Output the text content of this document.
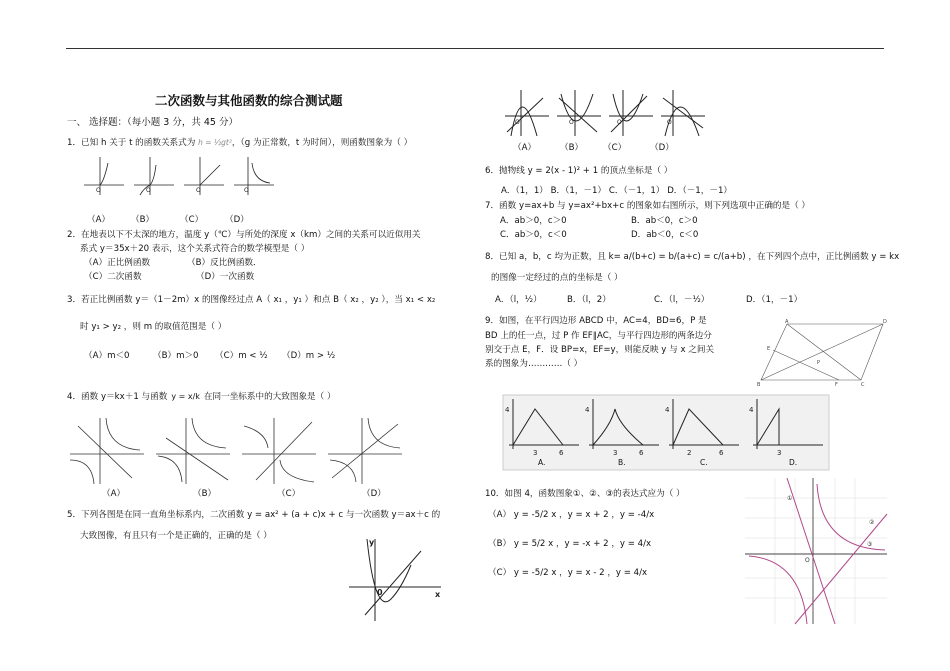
二次函数与其他函数的综合测试题
一、 选择题：（每小题 3 分，共 45 分）
1．已知 h 关于 t 的函数关系式为 h = ½gt²，（g 为正常数，t 为时间），则函数图象为（ ）
O	O	O	O
（A） （B）	（C）	（D）
2．在地表以下不太深的地方，温度 y（℃）与所处的深度 x（km）之间的关系可以近似用关
系式 y＝35x＋20 表示，这个关系式符合的数学模型是（ ）
（A）正比例函数	（B）反比例函数．
（C）二次函数	（D）一次函数
3．若正比例函数 y＝（1－2m）x 的图像经过点 A（ x₁ ，y₁ ）和点 B（ x₂ ，y₂ ），当 x₁ < x₂
时 y₁ > y₂ ，则 m 的取值范围是（ ）
（A）m＜0	（B）m＞0 （C）m < ½ （D）m > ½
4．函数 y＝kx＋1 与函数 y = x/k 在同一坐标系中的大致图象是（ ）
（A）	（B）	（C）	（D）
5．下列各图是在同一直角坐标系内，二次函数 y = ax² + (a + c)x + c 与一次函数 y＝ax＋c 的
大致图像，有且只有一个是正确的，正确的是（ ）
y
x
0
O	O	O	O
（A）	（B） （C）	（D）
6．抛物线 y = 2(x - 1)² + 1 的顶点坐标是（ ）
A．（1，1） B．（1，－1） C．（－1，1） D．（－1，－1）
7．函数 y=ax+b 与 y=ax²+bx+c 的图象如右图所示，则下列选项中正确的是（ ）
A．ab＞0，c＞0	B．ab＜0，c＞0
C．ab＞0，c＜0	D．ab＜0，c＜0
8．已知 a，b，c 均为正数，且 k= a/(b+c) = b/(a+c) = c/(a+b) ，在下列四个点中，正比例函数 y = kx
的图像一定经过的点的坐标是（ ）
A．（l，½）	B．（l，2）	C．（l，－½）	D．（1，－1）
9．如图，在平行四边形 ABCD 中，AC=4，BD=6，P 是
BD 上的任一点，过 P 作 EF∥AC，与平行四边形的两条边分
别交于点 E，F．设 BP=x，EF=y，则能反映 y 与 x 之间关
系的图象为…………（ ）
A
B	C
D
E
F
P
4	4	4	4
3	6	3	6	2	6	3
A.	B.	C.	D.
10．如图 4，函数图象①、②、③的表达式应为（ ）
（A） y = -5/2 x ，y = x + 2 ，y = -4/x
（B） y = 5/2 x ，y = -x + 2 ，y = 4/x
（C） y = -5/2 x ，y = x - 2 ，y = 4/x
O
①
②
③
